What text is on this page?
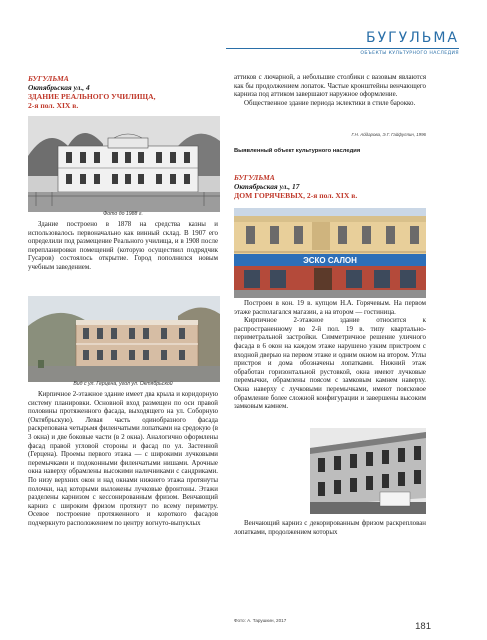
БУГУЛЬМА
ОБЪЕКТЫ КУЛЬТУРНОГО НАСЛЕДИЯ
БУГУЛЬМА
Октябрьская ул., 4
ЗДАНИЕ РЕАЛЬНОГО УЧИЛИЩА,
2-я пол. XIX в.
Фото до 1988 г.

Здание построено в 1878 на средства казны и использовалось первоначально как винный склад. В 1907 его определили под размещение Реального училища, и в 1908 после перепланировки помещений (которую осуществил подрядчик Гусаров) состоялось открытие. Город пополнился новым учебным заведением.

Вид с ул. Герцена, угол ул. Октябрьской

Кирпичное 2-этажное здание имеет два крыла и коридорную систему планировки. Основной вход размещен по оси правой половины протяженного фасада, выходящего на ул. Соборную (Октябрьскую). Левая часть одинобразного фасада раскрепована четырьмя филенчатыми лопатками на средокую (в 3 окна) и две боковые части (в 2 окна). Аналогично оформлены фасад правой угловой стороны и фасад по ул. Застенной (Герцена). Проемы первого этажа — с широкими лучковыми перемычками и подоконными филенчатыми нишами. Арочные окна наверху обрамлены высокими наличниками с сандриками. По низу верхних окон и над окнами нижнего этажа протянуты полочки, над которыми выложены лучковые фронтоны. Этажи разделены карнизом с кессонированным фризом. Венчающий карниз с широким фризом протянут по всему периметру. Осевое построение протяженного и короткого фасадов подчеркнуто расположением по центру вогнуто-выпуклых

аттиков с лючарной, а небольшие столбики с вазовым явлаются как бы продолжением лопаток. Частые кронштейны венчающего карниза под аттиком завершают наружное оформление.

Общественное здание периода эклектики в стиле барокко.

Г.Н. Айдарова, Э.Г. Гайфуллин, 1996
Выявленный объект культурного наследия
БУГУЛЬМА
Октябрьская ул., 17
ДОМ ГОРЯЧЕВЫХ, 2-я пол. XIX в.
ЭСКО САЛОН

Построен в кон. 19 в. купцом Н.А. Горячевым. На первом этаже располагался магазин, а на втором — гостиница.

Кирпичное 2-этажное здание относится к распространенному во 2-й пол. 19 в. типу квартально-периметральной застройки. Симметричное решение уличного фасада в 6 окон на каждом этаже нарушено узким пристроем с входной дверью на первом этаже и одним окном на втором. Углы пристроя и дома обозначены лопатками. Нижний этаж обработан горизонтальной рустовкой, окна имеют лучковые перемычки, обрамлены поясом с замковым камнем наверху. Окна наверху с лучковыми перемычками, имеют поясковое обрамление более сложной конфигурации и завершены высоким замковым камнем.

Венчающий карниз с декорированным фризом раскреплован лопатками, продолжением которых

Фото: А. Тарушкин, 2017
181
